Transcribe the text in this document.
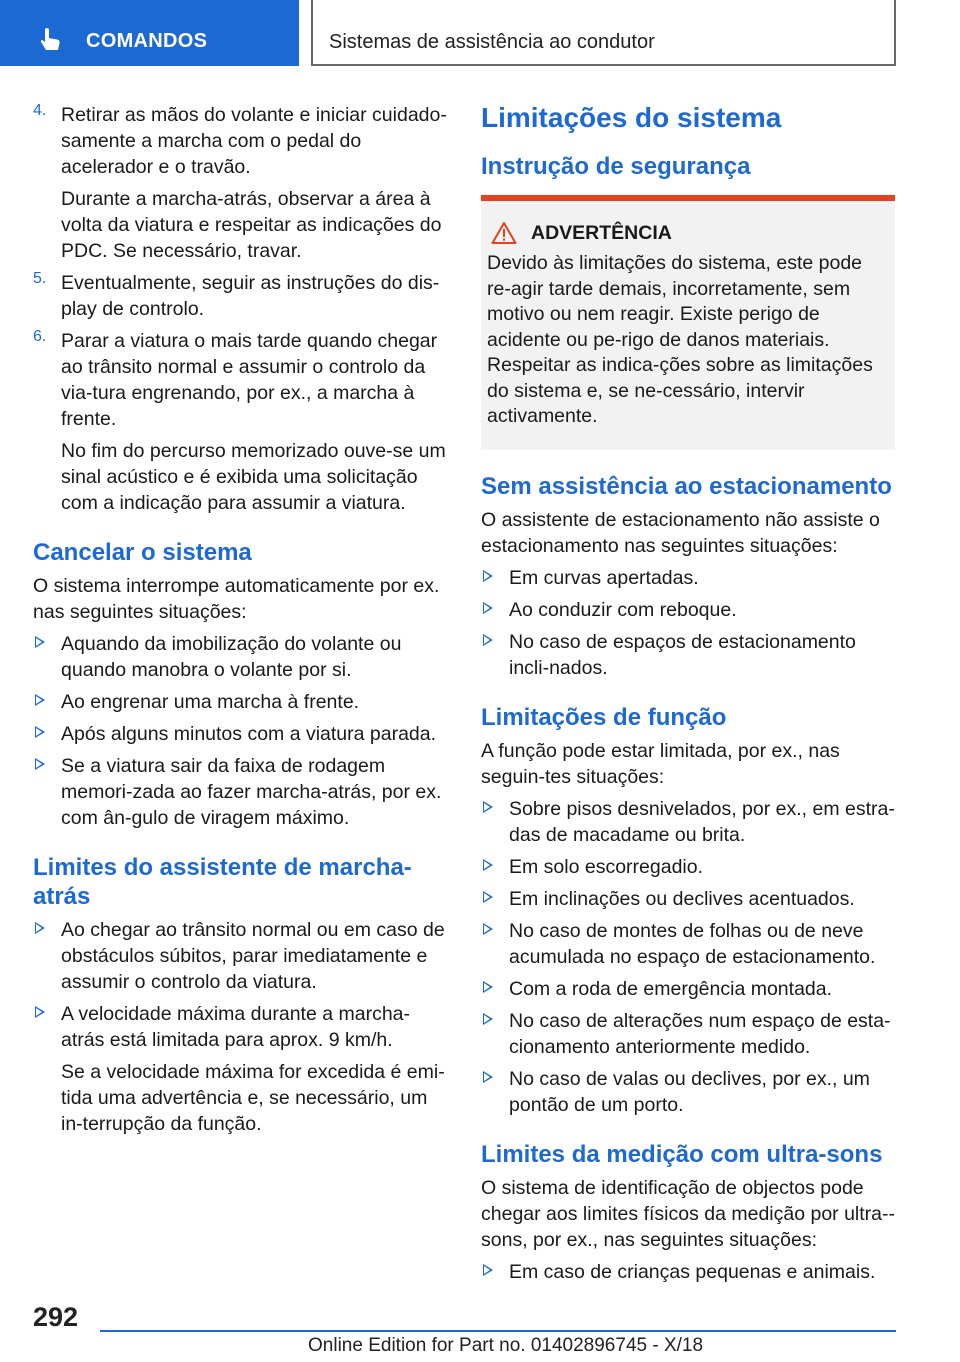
COMANDOS	Sistemas de assistência ao condutor
4. Retirar as mãos do volante e iniciar cuidado-samente a marcha com o pedal do acelerador e o travão.

Durante a marcha-atrás, observar a área à volta da viatura e respeitar as indicações do PDC. Se necessário, travar.

5. Eventualmente, seguir as instruções do dis-play de controlo.

6. Parar a viatura o mais tarde quando chegar ao trânsito normal e assumir o controlo da via-tura engrenando, por ex., a marcha à frente.

No fim do percurso memorizado ouve-se um sinal acústico e é exibida uma solicitação com a indicação para assumir a viatura.

Cancelar o sistema

O sistema interrompe automaticamente por ex. nas seguintes situações:

Aquando da imobilização do volante ou quando manobra o volante por si.
Ao engrenar uma marcha à frente.
Após alguns minutos com a viatura parada.
Se a viatura sair da faixa de rodagem memori-zada ao fazer marcha-atrás, por ex. com ân-gulo de viragem máximo.
Limites do assistente de marcha-atrás
Ao chegar ao trânsito normal ou em caso de obstáculos súbitos, parar imediatamente e assumir o controlo da viatura.
A velocidade máxima durante a marcha-atrás está limitada para aprox. 9 km/h.

Se a velocidade máxima for excedida é emi-tida uma advertência e, se necessário, um in-terrupção da função.

Limitações do sistema
Instrução de segurança
ADVERTÊNCIA

Devido às limitações do sistema, este pode re-agir tarde demais, incorretamente, sem motivo ou nem reagir. Existe perigo de acidente ou pe-rigo de danos materiais. Respeitar as indica-ções sobre as limitações do sistema e, se ne-cessário, intervir activamente.

Sem assistência ao estacionamento

O assistente de estacionamento não assiste o estacionamento nas seguintes situações:

Em curvas apertadas.
Ao conduzir com reboque.
No caso de espaços de estacionamento incli-nados.
Limitações de função

A função pode estar limitada, por ex., nas seguin-tes situações:

Sobre pisos desnivelados, por ex., em estra-das de macadame ou brita.
Em solo escorregadio.
Em inclinações ou declives acentuados.
No caso de montes de folhas ou de neve acumulada no espaço de estacionamento.
Com a roda de emergência montada.
No caso de alterações num espaço de esta-cionamento anteriormente medido.
No caso de valas ou declives, por ex., um pontão de um porto.
Limites da medição com ultra-sons

O sistema de identificação de objectos pode chegar aos limites físicos da medição por ultra--sons, por ex., nas seguintes situações:

Em caso de crianças pequenas e animais.
292
Online Edition for Part no. 01402896745 - X/18
